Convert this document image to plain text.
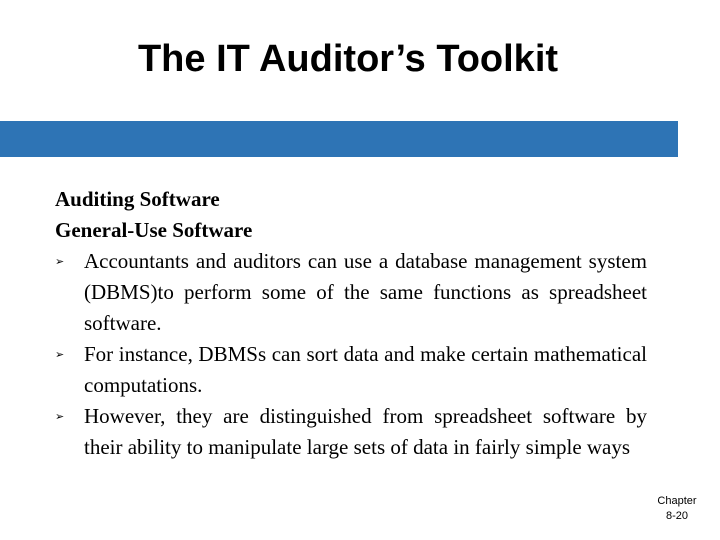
The IT Auditor’s Toolkit

Auditing Software

General-Use Software

➢ Accountants and auditors can use a database management system (DBMS)to perform some of the same functions as spreadsheet software.
➢ For instance, DBMSs can sort data and make certain mathematical computations.
➢ However, they are distinguished from spreadsheet software by their ability to manipulate large sets of data in fairly simple ways
Chapter
8-20
